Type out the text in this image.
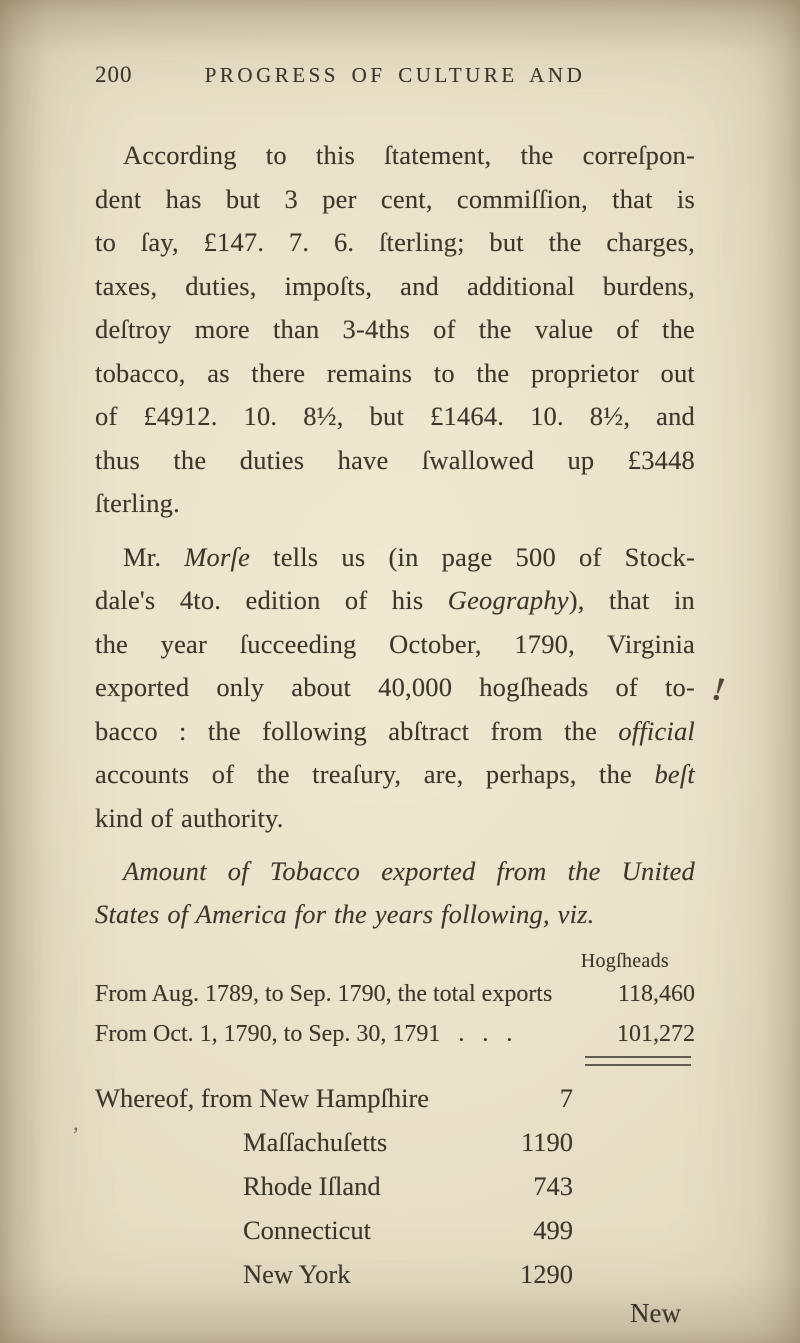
200	PROGRESS OF CULTURE AND
According to this ſtatement, the correſpon-
dent has but 3 per cent, commiſſion, that is
to ſay, £147. 7. 6. ſterling; but the charges,
taxes, duties, impoſts, and additional burdens,
deſtroy more than 3-4ths of the value of the
tobacco, as there remains to the proprietor out
of £4912. 10. 8½, but £1464. 10. 8½, and
thus the duties have ſwallowed up £3448
ſterling.
Mr. Morſe tells us (in page 500 of Stock-
dale's 4to. edition of his Geography), that in
the year ſucceeding October, 1790, Virginia
exported only about 40,000 hogſheads of to-
bacco : the following abſtract from the official
accounts of the treaſury, are, perhaps, the beſt
kind of authority.
Amount of Tobacco exported from the United
States of America for the years following, viz.
Hogſheads
From Aug. 1789, to Sep. 1790, the total exports	118,460
From Oct. 1, 1790, to Sep. 30, 1791   .   .   .	101,272
Whereof, from New Hampſhire	7
Maſſachuſetts	1190
Rhode Iſland	743
Connecticut	499
New York	1290
New
!
’
